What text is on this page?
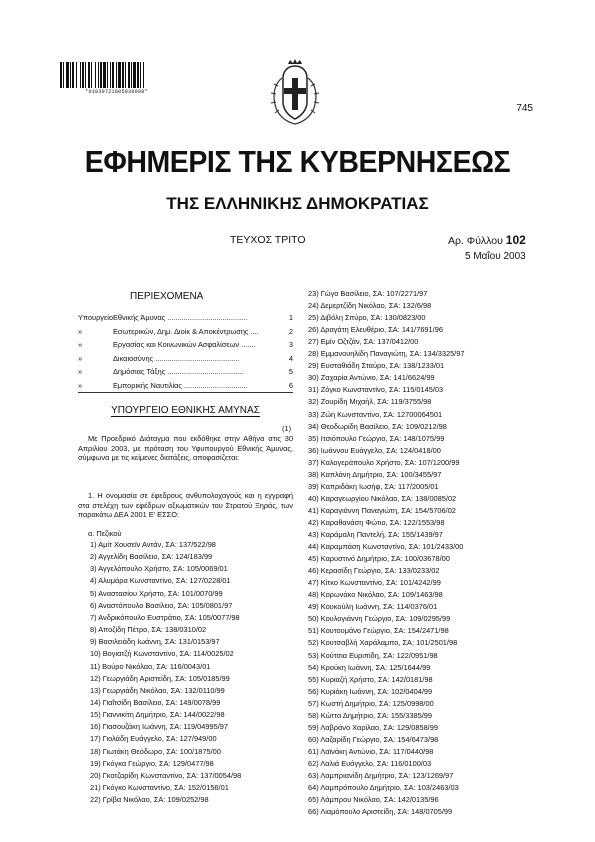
*01030721805030008*
745
ΕΦΗΜΕΡΙΣ ΤΗΣ ΚΥΒΕΡΝΗΣΕΩΣ
ΤΗΣ ΕΛΛΗΝΙΚΗΣ ΔΗΜΟΚΡΑΤΙΑΣ
ΤΕΥΧΟΣ ΤΡΙΤΟ	Αρ. Φύλλου 102
5 Μαΐου 2003
ΠΕΡΙΕΧΟΜΕΝΑ
Υπουργείο Εθνικής Άμυνας .......................................	1
»	Εσωτερικών, Δημ. Διοίκ & Αποκέντρωσης ....	2
»	Εργασίας και Κοινωνικών Ασφαλίσεων .......	3
»	Δικαιοσύνης .........................................	4
»	Δημόσιας Τάξης .....................................	5
»	Εμπορικής Ναυτιλίας ...............................	6
ΥΠΟΥΡΓΕΙΟ ΕΘΝΙΚΗΣ ΑΜΥΝΑΣ
(1)
Με Προεδρικό Διάταγμα που εκδόθηκε στην Αθήνα στις 30 Απριλίου 2003, με πρόταση του Υφυπουργού Εθνικής Άμυνας, σύμφωνα με τις κείμενες διατάξεις, αποφασίζεται:
1. Η ονομασία σε έφεδρους ανθυπολοχαγούς και η εγγραφή στα στελέχη των εφέδρων αξιωματικών του Στρατού Ξηράς, των παρακάτω ΔΕΑ 2001 Ε' ΕΣΣΟ:
α. Πεζικού
1) Αμίτ Χουσεϊν Αντάν, ΣΑ: 137/522/98
2) Αγγελίδη Βασίλειο, ΣΑ: 124/183/99
3) Αγγελόπουλο Χρήστο, ΣΑ: 105/0069/01
4) Αλυμάρα Κωνσταντίνο, ΣΑ: 127/0228/01
5) Αναστασίου Χρήστο, ΣΑ: 101/0070/99
6) Αναστόπουλο Βασίλειο, ΣΑ: 105/0801/97
7) Ανδρικόπουλο Ευστράτιο, ΣΑ: 105/0077/98
8) Αποζίδη Πέτρο, ΣΑ: 138/0310/02
9) Βασιλειάδη Ιωάννη, ΣΑ: 131/0153/97
10) Βογιατζή Κωνσταντίνο, ΣΑ: 114/0025/02
11) Βούρο Νικόλαο, ΣΑ: 116/0043/01
12) Γεωργιάδη Αριστείδη, ΣΑ: 105/0185/99
13) Γεωργιάδη Νικόλαο, ΣΑ: 132/0110/99
14) Γιαΐτσίδη Βασίλειο, ΣΑ: 149/0078/99
15) Γιαννικίτη Δημήτριο, ΣΑ: 144/0022/98
16) Γιασουζάκη Ιωάννη, ΣΑ: 119/04995/97
17) Γιολάδη Ευάγγελο, ΣΑ: 127/949/00
18) Γιωτάκη Θεόδωρο, ΣΑ: 100/1875/00
19) Γκόγκα Γεώργιο, ΣΑ: 129/0477/98
20) Γκοτζαρίδη Κωνσταντίνο, ΣΑ: 137/0054/98
21) Γκόγκο Κωνσταντίνο, ΣΑ: 152/0156/01
22) Γρίβα Νικόλαο, ΣΑ: 109/0252/98
23) Γώγο Βασίλειο, ΣΑ: 107/2271/97
24) Δεμερτζίδη Νικόλαο, ΣΑ: 132/6/98
25) Διβόλη Σπύρο, ΣΑ: 130/0823/00
26) Δραγάτη Ελευθέριο, ΣΑ: 141/7691/96
27) Εμίν Οζτζάν, ΣΑ: 137/0412/00
28) Εμμανουηλίδη Παναγιώτη, ΣΑ: 134/3325/97
29) Ευσταθιάδη Σταύρο, ΣΑ: 138/1233/01
30) Ζαχαρία Αντώνιο, ΣΑ: 141/6624/99
31) Ζόγκο Κωνσταντίνο, ΣΑ: 115/0145/03
32) Ζουρίδη Μιχαήλ, ΣΑ: 119/3755/98
33) Ζώη Κωνσταντίνο, ΣΑ: 12700064501
34) Θεοδωρίδη Βασίλειο, ΣΑ: 109/0212/98
35) Ιτσιόπουλο Γεώργιο, ΣΑ: 148/1075/99
36) Ιωάννου Ευάγγελο, ΣΑ: 124/0418/00
37) Καλογεράπουλο Χρήστο, ΣΑ: 107/1200/99
38) Καπλάνη Δημήτριο, ΣΑ: 100/3455/97
39) Καπριδάκη Ιωσήφ, ΣΑ: 117/2005/01
40) Καραγεωργίου Νικόλαο, ΣΑ: 138/0085/02
41) Καραγιάννη Παναγιώτη, ΣΑ: 154/5706/02
42) Καραθανάση Φώτιο, ΣΑ: 122/1553/98
43) Καράμαλη Παντελή, ΣΑ: 155/1439/97
44) Καραμπάση Κωνσταντίνο, ΣΑ: 101/2433/00
45) Καρυστινό Δημήτριο, ΣΑ: 100/03678/00
46) Κερασίδη Γεώργιο, ΣΑ: 133/0233/02
47) Κίτκο Κωνσταντίνο, ΣΑ: 101/4242/99
48) Κορωνάκο Νικόλαο, ΣΑ: 109/1463/98
49) Κουκούλη Ιωάννη, ΣΑ: 114/0376/01
50) Κουλογιάννη Γεώργιο, ΣΑ: 109/0295/99
51) Κουτουμάνο Γεώργιο, ΣΑ: 154/2471/98
52) Κουτσαβλή Χαράλαμπο, ΣΑ: 101/2501/98
53) Κούτσια Ευριπίδη, ΣΑ: 122/0951/98
54) Κρούκη Ιωάννη, ΣΑ: 125/1644/99
55) Κυριαζή Χρήστο, ΣΑ: 142/0181/98
56) Κυριάκη Ιωάννη, ΣΑ: 102/0404/99
57) Κωστή Δημήτριο, ΣΑ: 125/0998/00
58) Κώττα Δημήτριο, ΣΑ: 155/3385/99
59) Λαβράνο Χαρίλαο, ΣΑ: 129/0858/99
60) Λαζαρίδη Γεώργιο, ΣΑ: 154/6473/98
61) Λαϊνάκη Αντώνιο, ΣΑ: 117/0440/98
62) Λαλιά Ευάγγελο, ΣΑ: 116/0100/03
63) Λαμπριανίδη Δημήτριο, ΣΑ: 123/1269/97
64) Λαμπρόπουλο Δημήτριο, ΣΑ: 103/2463/03
65) Λάμπρου Νικόλαο, ΣΑ: 142/0135/96
66) Λιαμόπουλο Αριστείδη, ΣΑ: 148/0705/99
